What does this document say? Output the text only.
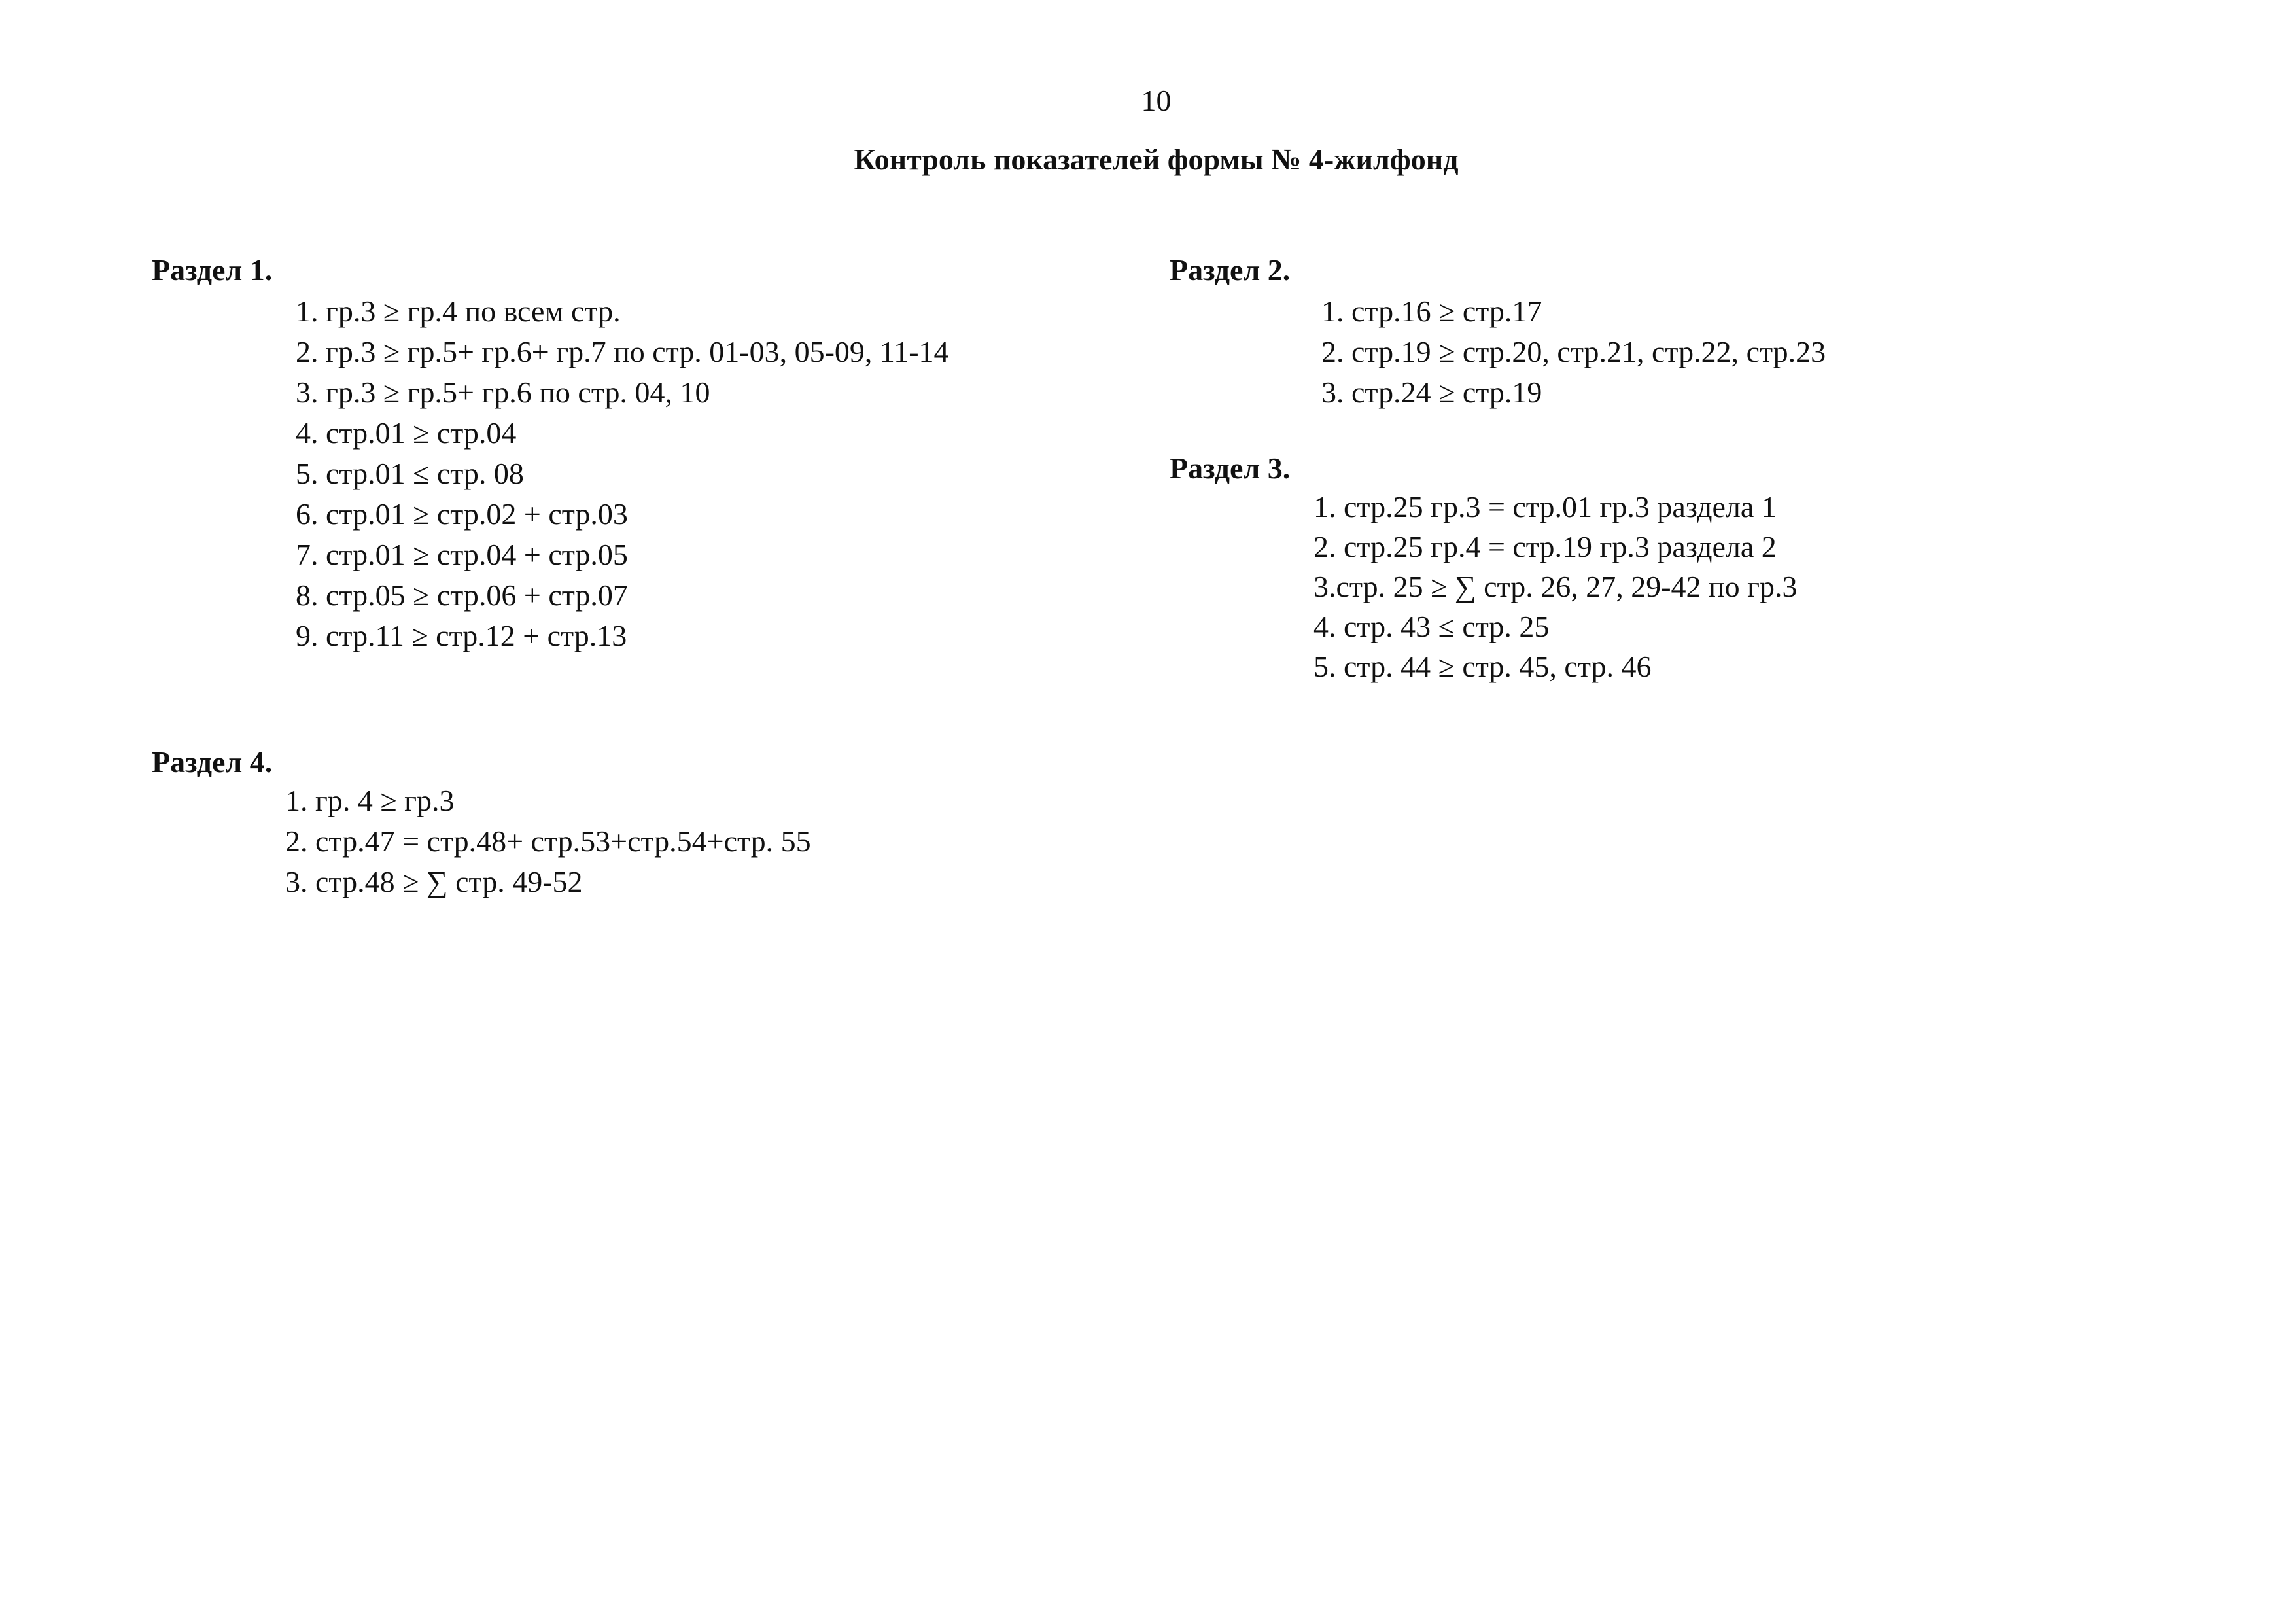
10
Контроль показателей формы № 4-жилфонд
Раздел 1.
1. гр.3 ≥ гр.4 по всем стр.
2. гр.3 ≥ гр.5+ гр.6+ гр.7 по стр. 01-03, 05-09, 11-14
3. гр.3 ≥ гр.5+ гр.6 по стр. 04, 10
4. стр.01 ≥ стр.04
5. стр.01 ≤ стр. 08
6. стр.01 ≥ стр.02 + стр.03
7. стр.01 ≥ стр.04 + стр.05
8. стр.05 ≥ стр.06 + стр.07
9. стр.11 ≥ стр.12 + стр.13
Раздел 2.
1. стр.16 ≥ стр.17
2. стр.19 ≥ стр.20, стр.21, стр.22, стр.23
3. стр.24 ≥ стр.19
Раздел 3.
1. стр.25 гр.3 = стр.01 гр.3 раздела 1
2. стр.25 гр.4 = стр.19 гр.3 раздела 2
3.стр. 25 ≥ ∑ стр. 26, 27, 29-42 по гр.3
4. стр. 43 ≤ стр. 25
5. стр. 44 ≥ стр. 45, стр. 46
Раздел 4.
1. гр. 4 ≥ гр.3
2. стр.47 = стр.48+ стр.53+стр.54+стр. 55
3. стр.48 ≥ ∑ стр. 49-52
